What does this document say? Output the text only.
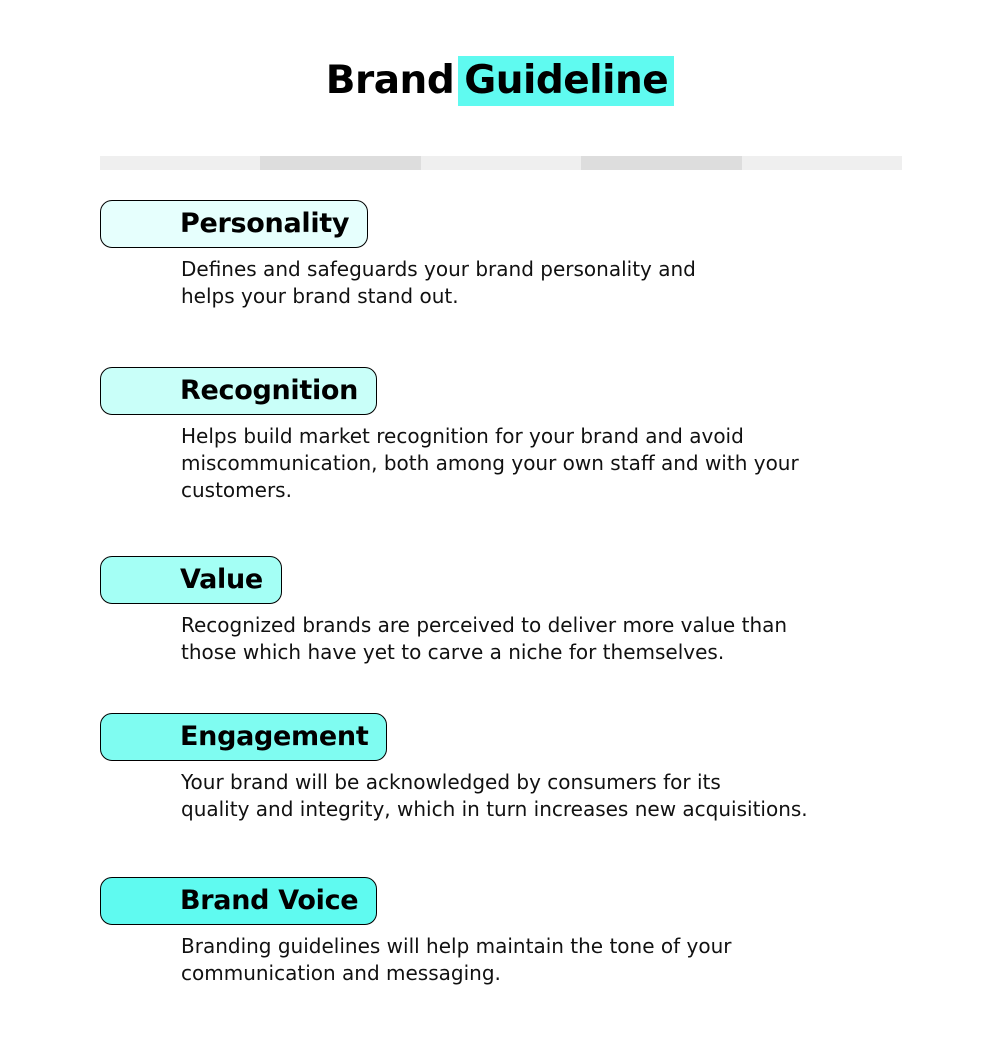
Brand Guideline
Personality
Defines and safeguards your brand personality and
helps your brand stand out.
Recognition
Helps build market recognition for your brand and avoid
miscommunication, both among your own staff and with your
customers.
Value
Recognized brands are perceived to deliver more value than
those which have yet to carve a niche for themselves.
Engagement
Your brand will be acknowledged by consumers for its
quality and integrity, which in turn increases new acquisitions.
Brand Voice
Branding guidelines will help maintain the tone of your
communication and messaging.
